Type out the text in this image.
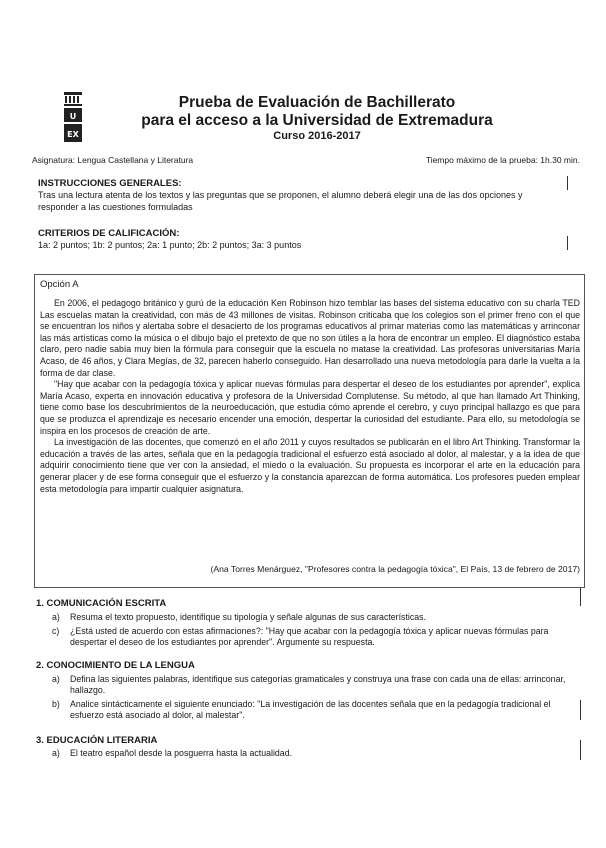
U
EX
Prueba de Evaluación de Bachillerato
para el acceso a la Universidad de Extremadura
Curso 2016-2017
Asignatura: Lengua Castellana y Literatura	Tiempo máximo de la prueba: 1h.30 min.
INSTRUCCIONES GENERALES:
Tras una lectura atenta de los textos y las preguntas que se proponen, el alumno deberá elegir una de las dos opciones y responder a las cuestiones formuladas
CRITERIOS DE CALIFICACIÓN:
1a: 2 puntos; 1b: 2 puntos; 2a: 1 punto; 2b: 2 puntos; 3a: 3 puntos
Opción A

En 2006, el pedagogo británico y gurú de la educación Ken Robinson hizo temblar las bases del sistema educativo con su charla TED Las escuelas matan la creatividad, con más de 43 millones de visitas. Robinson criticaba que los colegios son el primer freno con el que se encuentran los niños y alertaba sobre el desacierto de los programas educativos al primar materias como las matemáticas y arrinconar las más artísticas como la música o el dibujo bajo el pretexto de que no son útiles a la hora de encontrar un empleo. El diagnóstico estaba claro, pero nadie sabía muy bien la fórmula para conseguir que la escuela no matase la creatividad. Las profesoras universitarias María Acaso, de 46 años, y Clara Megías, de 32, parecen haberlo conseguido. Han desarrollado una nueva metodología para darle la vuelta a la forma de dar clase.

"Hay que acabar con la pedagogía tóxica y aplicar nuevas fórmulas para despertar el deseo de los estudiantes por aprender", explica María Acaso, experta en innovación educativa y profesora de la Universidad Complutense. Su método, al que han llamado Art Thinking, tiene como base los descubrimientos de la neuroeducación, que estudia cómo aprende el cerebro, y cuyo principal hallazgo es que para que se produzca el aprendizaje es necesario encender una emoción, despertar la curiosidad del estudiante. Para ello, su metodología se inspira en los procesos de creación de arte.

La investigación de las docentes, que comenzó en el año 2011 y cuyos resultados se publicarán en el libro Art Thinking. Transformar la educación a través de las artes, señala que en la pedagogía tradicional el esfuerzo está asociado al dolor, al malestar, y a la idea de que adquirir conocimiento tiene que ver con la ansiedad, el miedo o la evaluación. Su propuesta es incorporar el arte en la educación para generar placer y de ese forma conseguir que el esfuerzo y la constancia aparezcan de forma automática. Los profesores pueden emplear esta metodología para impartir cualquier asignatura.

(Ana Torres Menárguez, "Profesores contra la pedagogía tóxica", El País, 13 de febrero de 2017)
1. COMUNICACIÓN ESCRITA
a)	Resuma el texto propuesto, identifique su tipología y señale algunas de sus características.
c)	¿Está usted de acuerdo con estas afirmaciones?: "Hay que acabar con la pedagogía tóxica y aplicar nuevas fórmulas para despertar el deseo de los estudiantes por aprender". Argumente su respuesta.
2. CONOCIMIENTO DE LA LENGUA
a)	Defina las siguientes palabras, identifique sus categorías gramaticales y construya una frase con cada una de ellas: arrinconar, hallazgo.
b)	Analice sintácticamente el siguiente enunciado: "La investigación de las docentes señala que en la pedagogía tradicional el esfuerzo está asociado al dolor, al malestar".
3. EDUCACIÓN LITERARIA
a)	El teatro español desde la posguerra hasta la actualidad.
